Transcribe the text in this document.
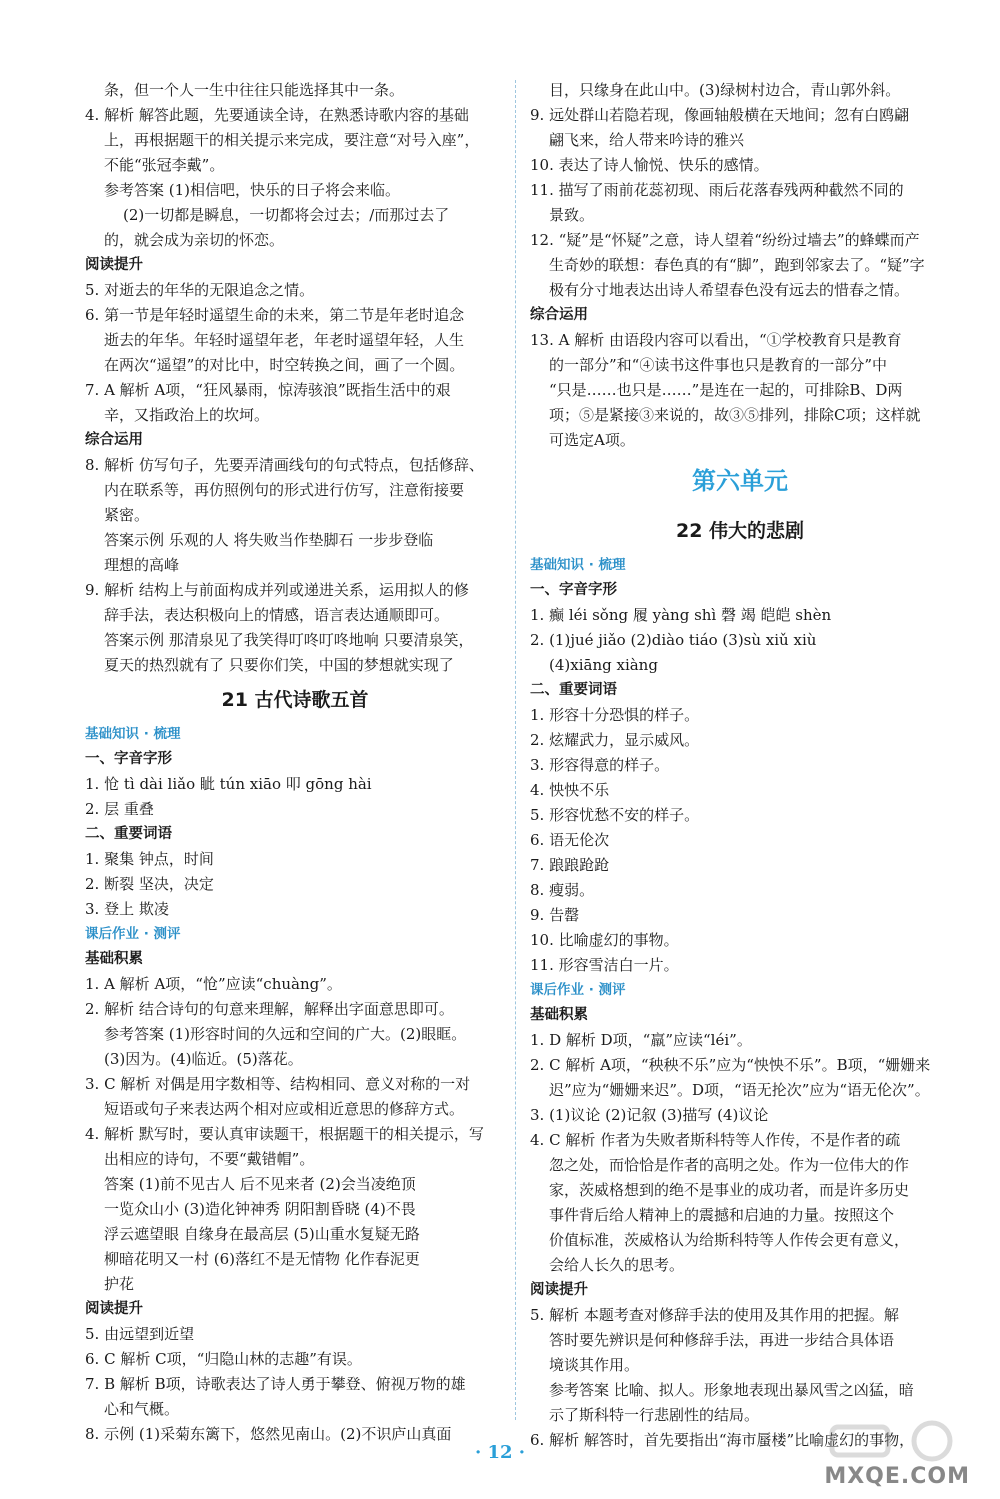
条，但一个人一生中往往只能选择其中一条。
4. 解析 解答此题，先要通读全诗，在熟悉诗歌内容的基础
上，再根据题干的相关提示来完成，要注意“对号入座”，
不能“张冠李戴”。
参考答案 (1)相信吧，快乐的日子将会来临。
(2)一切都是瞬息，一切都将会过去；/而那过去了
的，就会成为亲切的怀恋。
阅读提升
5. 对逝去的年华的无限追念之情。
6. 第一节是年轻时遥望生命的未来，第二节是年老时追念
逝去的年华。年轻时遥望年老，年老时遥望年轻，人生
在两次“遥望”的对比中，时空转换之间，画了一个圆。
7. A 解析 A项，“狂风暴雨，惊涛骇浪”既指生活中的艰
辛，又指政治上的坎坷。
综合运用
8. 解析 仿写句子，先要弄清画线句的句式特点，包括修辞、
内在联系等，再仿照例句的形式进行仿写，注意衔接要
紧密。
答案示例 乐观的人 将失败当作垫脚石 一步步登临
理想的高峰
9. 解析 结构上与前面构成并列或递进关系，运用拟人的修
辞手法，表达积极向上的情感，语言表达通顺即可。
答案示例 那清泉见了我笑得叮咚叮咚地响 只要清泉笑，
夏天的热烈就有了 只要你们笑，中国的梦想就实现了
21 古代诗歌五首
基础知识 · 梳理
一、字音字形
1. 怆 tì dài liǎo 眦 tún xiāo 叩 gōng hài
2. 层 重叠
二、重要词语
1. 聚集 钟点，时间
2. 断裂 坚决，决定
3. 登上 欺凌
课后作业 · 测评
基础积累
1. A 解析 A项，“怆”应读“chuàng”。
2. 解析 结合诗句的句意来理解，解释出字面意思即可。
参考答案 (1)形容时间的久远和空间的广大。(2)眼眶。
(3)因为。(4)临近。(5)落花。
3. C 解析 对偶是用字数相等、结构相同、意义对称的一对
短语或句子来表达两个相对应或相近意思的修辞方式。
4. 解析 默写时，要认真审读题干，根据题干的相关提示，写
出相应的诗句，不要“戴错帽”。
答案 (1)前不见古人 后不见来者 (2)会当凌绝顶
一览众山小 (3)造化钟神秀 阴阳割昏晓 (4)不畏
浮云遮望眼 自缘身在最高层 (5)山重水复疑无路
柳暗花明又一村 (6)落红不是无情物 化作春泥更
护花
阅读提升
5. 由远望到近望
6. C 解析 C项，“归隐山林的志趣”有误。
7. B 解析 B项，诗歌表达了诗人勇于攀登、俯视万物的雄
心和气概。
8. 示例 (1)采菊东篱下，悠然见南山。(2)不识庐山真面
目，只缘身在此山中。(3)绿树村边合，青山郭外斜。
9. 远处群山若隐若现，像画轴般横在天地间；忽有白鸥翩
翩飞来，给人带来吟诗的雅兴
10. 表达了诗人愉悦、快乐的感情。
11. 描写了雨前花蕊初现、雨后花落春残两种截然不同的
景致。
12. “疑”是“怀疑”之意，诗人望着“纷纷过墙去”的蜂蝶而产
生奇妙的联想：春色真的有“脚”，跑到邻家去了。“疑”字
极有分寸地表达出诗人希望春色没有远去的惜春之情。
综合运用
13. A 解析 由语段内容可以看出，“①学校教育只是教育
的一部分”和“④读书这件事也只是教育的一部分”中
“只是……也只是……”是连在一起的，可排除B、D两
项；⑤是紧接③来说的，故③⑤排列，排除C项；这样就
可选定A项。
第六单元
22 伟大的悲剧
基础知识 · 梳理
一、字音字形
1. 癫 léi sǒng 履 yàng shì 磬 竭 皑皑 shèn
2. (1)jué jiǎo (2)diào tiáo (3)sù xiǔ xiù
(4)xiāng xiàng
二、重要词语
1. 形容十分恐惧的样子。
2. 炫耀武力，显示威风。
3. 形容得意的样子。
4. 怏怏不乐
5. 形容忧愁不安的样子。
6. 语无伦次
7. 踉踉跄跄
8. 瘦弱。
9. 告罄
10. 比喻虚幻的事物。
11. 形容雪洁白一片。
课后作业 · 测评
基础积累
1. D 解析 D项，“羸”应读“léi”。
2. C 解析 A项，“秧秧不乐”应为“怏怏不乐”。B项，“姗姗来
迟”应为“姗姗来迟”。D项，“语无抡次”应为“语无伦次”。
3. (1)议论 (2)记叙 (3)描写 (4)议论
4. C 解析 作者为失败者斯科特等人作传，不是作者的疏
忽之处，而恰恰是作者的高明之处。作为一位伟大的作
家，茨威格想到的绝不是事业的成功者，而是许多历史
事件背后给人精神上的震撼和启迪的力量。按照这个
价值标准，茨威格认为给斯科特等人作传会更有意义，
会给人长久的思考。
阅读提升
5. 解析 本题考查对修辞手法的使用及其作用的把握。解
答时要先辨识是何种修辞手法，再进一步结合具体语
境谈其作用。
参考答案 比喻、拟人。形象地表现出暴风雪之凶猛，暗
示了斯科特一行悲剧性的结局。
6. 解析 解答时，首先要指出“海市蜃楼”比喻虚幻的事物，
· 12 ·
MXQE.COM
